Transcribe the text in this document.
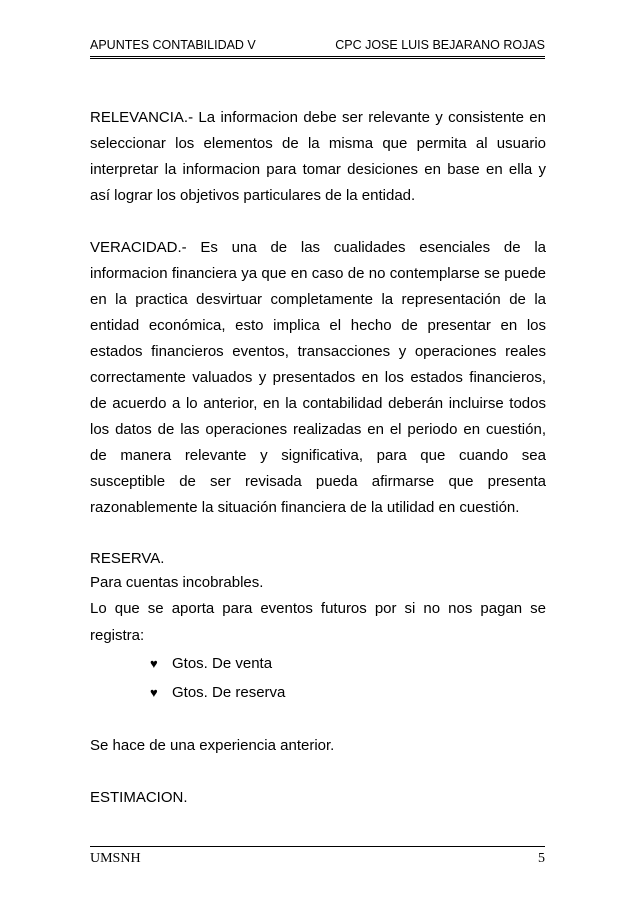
APUNTES CONTABILIDAD V	CPC JOSE LUIS BEJARANO ROJAS

RELEVANCIA.- La informacion debe ser relevante y consistente en seleccionar los elementos de la misma que permita al usuario interpretar la informacion para tomar desiciones en base en ella y así lograr los objetivos particulares de la entidad.

VERACIDAD.- Es una de las cualidades esenciales de la informacion financiera ya que en caso de no contemplarse se puede en la practica desvirtuar completamente la representación de la entidad económica, esto implica el hecho de presentar en los estados financieros eventos, transacciones y operaciones reales correctamente valuados y presentados en los estados financieros, de acuerdo a lo anterior, en la contabilidad deberán incluirse todos los datos de las operaciones realizadas en el periodo en cuestión, de manera relevante y significativa, para que cuando sea susceptible de ser revisada pueda afirmarse que presenta razonablemente la situación financiera de la utilidad en cuestión.

RESERVA.

Para cuentas incobrables.

Lo que se aporta para eventos futuros por si no nos pagan se registra:

♥ Gtos. De venta

♥ Gtos. De reserva

Se hace de una experiencia anterior.

ESTIMACION.

UMSNH	5
